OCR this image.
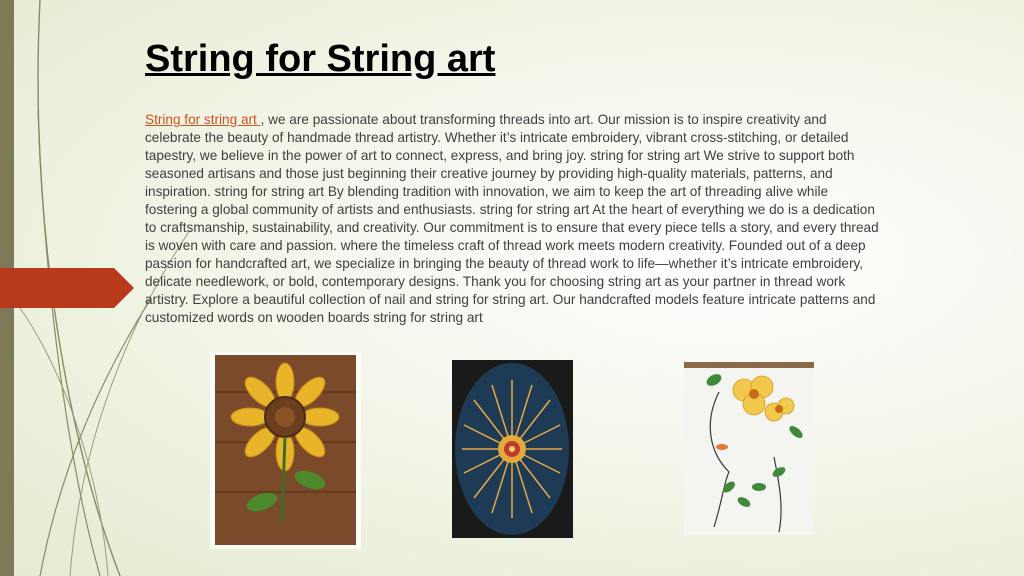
String for String art
String for string art , we are passionate about transforming threads into art. Our mission is to inspire creativity and celebrate the beauty of handmade thread artistry. Whether it’s intricate embroidery, vibrant cross-stitching, or detailed tapestry, we believe in the power of art to connect, express, and bring joy. string for string art We strive to support both seasoned artisans and those just beginning their creative journey by providing high-quality materials, patterns, and inspiration. string for string art By blending tradition with innovation, we aim to keep the art of threading alive while fostering a global community of artists and enthusiasts. string for string art At the heart of everything we do is a dedication to craftsmanship, sustainability, and creativity. Our commitment is to ensure that every piece tells a story, and every thread is woven with care and passion. where the timeless craft of thread work meets modern creativity. Founded out of a deep passion for handcrafted art, we specialize in bringing the beauty of thread work to life—whether it’s intricate embroidery, delicate needlework, or bold, contemporary designs. Thank you for choosing string art as your partner in thread work artistry. Explore a beautiful collection of nail and string for string art. Our handcrafted models feature intricate patterns and customized words on wooden boards string for string art
